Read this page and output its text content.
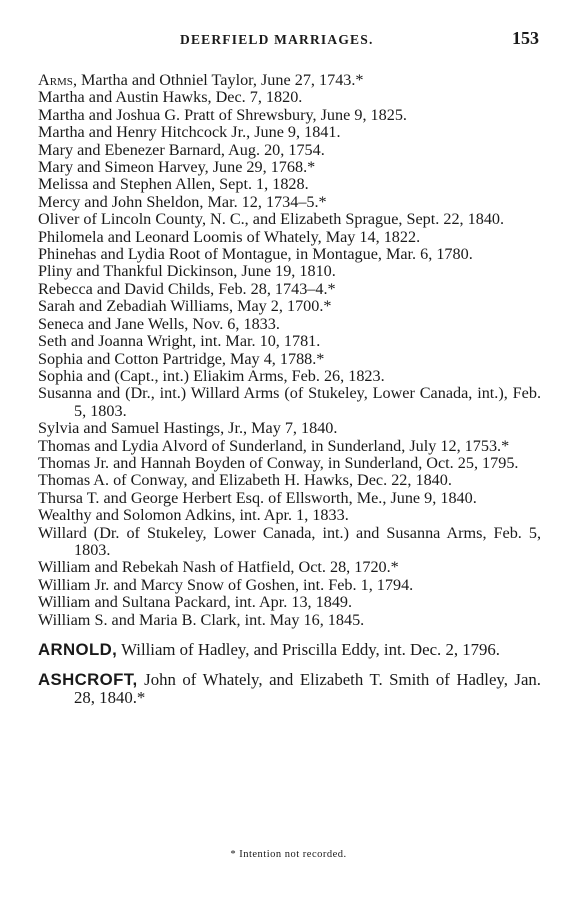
DEERFIELD MARRIAGES.	153

Arms, Martha and Othniel Taylor, June 27, 1743.*

Martha and Austin Hawks, Dec. 7, 1820.

Martha and Joshua G. Pratt of Shrewsbury, June 9, 1825.

Martha and Henry Hitchcock Jr., June 9, 1841.

Mary and Ebenezer Barnard, Aug. 20, 1754.

Mary and Simeon Harvey, June 29, 1768.*

Melissa and Stephen Allen, Sept. 1, 1828.

Mercy and John Sheldon, Mar. 12, 1734–5.*

Oliver of Lincoln County, N. C., and Elizabeth Sprague, Sept. 22, 1840.

Philomela and Leonard Loomis of Whately, May 14, 1822.

Phinehas and Lydia Root of Montague, in Montague, Mar. 6, 1780.

Pliny and Thankful Dickinson, June 19, 1810.

Rebecca and David Childs, Feb. 28, 1743–4.*

Sarah and Zebadiah Williams, May 2, 1700.*

Seneca and Jane Wells, Nov. 6, 1833.

Seth and Joanna Wright, int. Mar. 10, 1781.

Sophia and Cotton Partridge, May 4, 1788.*

Sophia and (Capt., int.) Eliakim Arms, Feb. 26, 1823.

Susanna and (Dr., int.) Willard Arms (of Stukeley, Lower Canada, int.), Feb. 5, 1803.

Sylvia and Samuel Hastings, Jr., May 7, 1840.

Thomas and Lydia Alvord of Sunderland, in Sunderland, July 12, 1753.*

Thomas Jr. and Hannah Boyden of Conway, in Sunderland, Oct. 25, 1795.

Thomas A. of Conway, and Elizabeth H. Hawks, Dec. 22, 1840.

Thursa T. and George Herbert Esq. of Ellsworth, Me., June 9, 1840.

Wealthy and Solomon Adkins, int. Apr. 1, 1833.

Willard (Dr. of Stukeley, Lower Canada, int.) and Susanna Arms, Feb. 5, 1803.

William and Rebekah Nash of Hatfield, Oct. 28, 1720.*

William Jr. and Marcy Snow of Goshen, int. Feb. 1, 1794.

William and Sultana Packard, int. Apr. 13, 1849.

William S. and Maria B. Clark, int. May 16, 1845.

ARNOLD, William of Hadley, and Priscilla Eddy, int. Dec. 2, 1796.

ASHCROFT, John of Whately, and Elizabeth T. Smith of Hadley, Jan. 28, 1840.*

* Intention not recorded.
